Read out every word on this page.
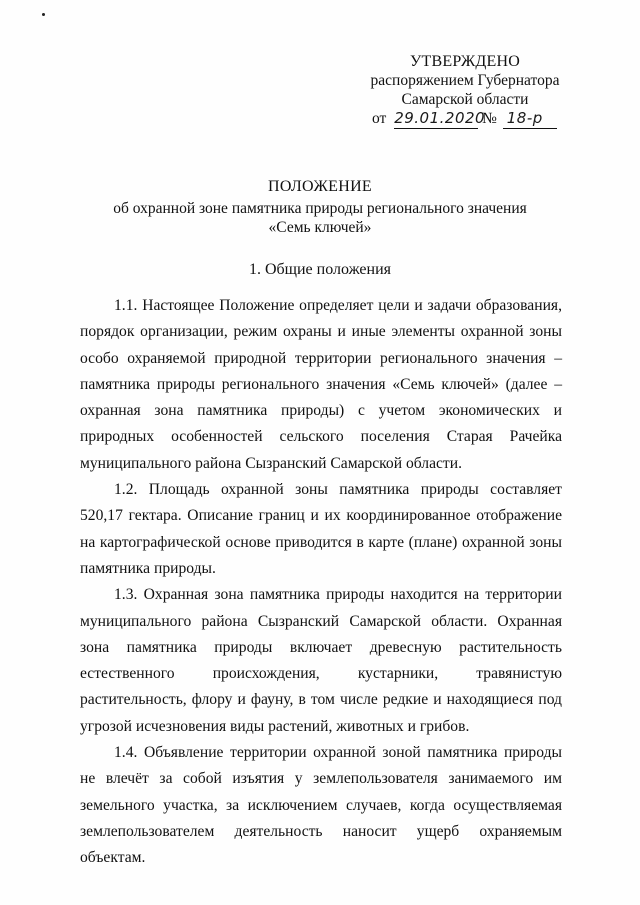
УТВЕРЖДЕНО
распоряжением Губернатора
Самарской области
от 29.01.2020 № 18-р
ПОЛОЖЕНИЕ
об охранной зоне памятника природы регионального значения
«Семь ключей»
1. Общие положения

1.1. Настоящее Положение определяет цели и задачи образования, порядок организации, режим охраны и иные элементы охранной зоны особо охраняемой природной территории регионального значения – памятника природы регионального значения «Семь ключей» (далее – охранная зона памятника природы) с учетом экономических и природных особенностей сельского поселения Старая Рачейка муниципального района Сызранский Самарской области.

1.2. Площадь охранной зоны памятника природы составляет 520,17 гектара. Описание границ и их координированное отображение на картографической основе приводится в карте (плане) охранной зоны памятника природы.

1.3. Охранная зона памятника природы находится на территории муниципального района Сызранский Самарской области. Охранная зона памятника природы включает древесную растительность естественного происхождения, кустарники, травянистую растительность, флору и фауну, в том числе редкие и находящиеся под угрозой исчезновения виды растений, животных и грибов.

1.4. Объявление территории охранной зоной памятника природы не влечёт за собой изъятия у землепользователя занимаемого им земельного участка, за исключением случаев, когда осуществляемая землепользователем деятельность наносит ущерб охраняемым объектам.
